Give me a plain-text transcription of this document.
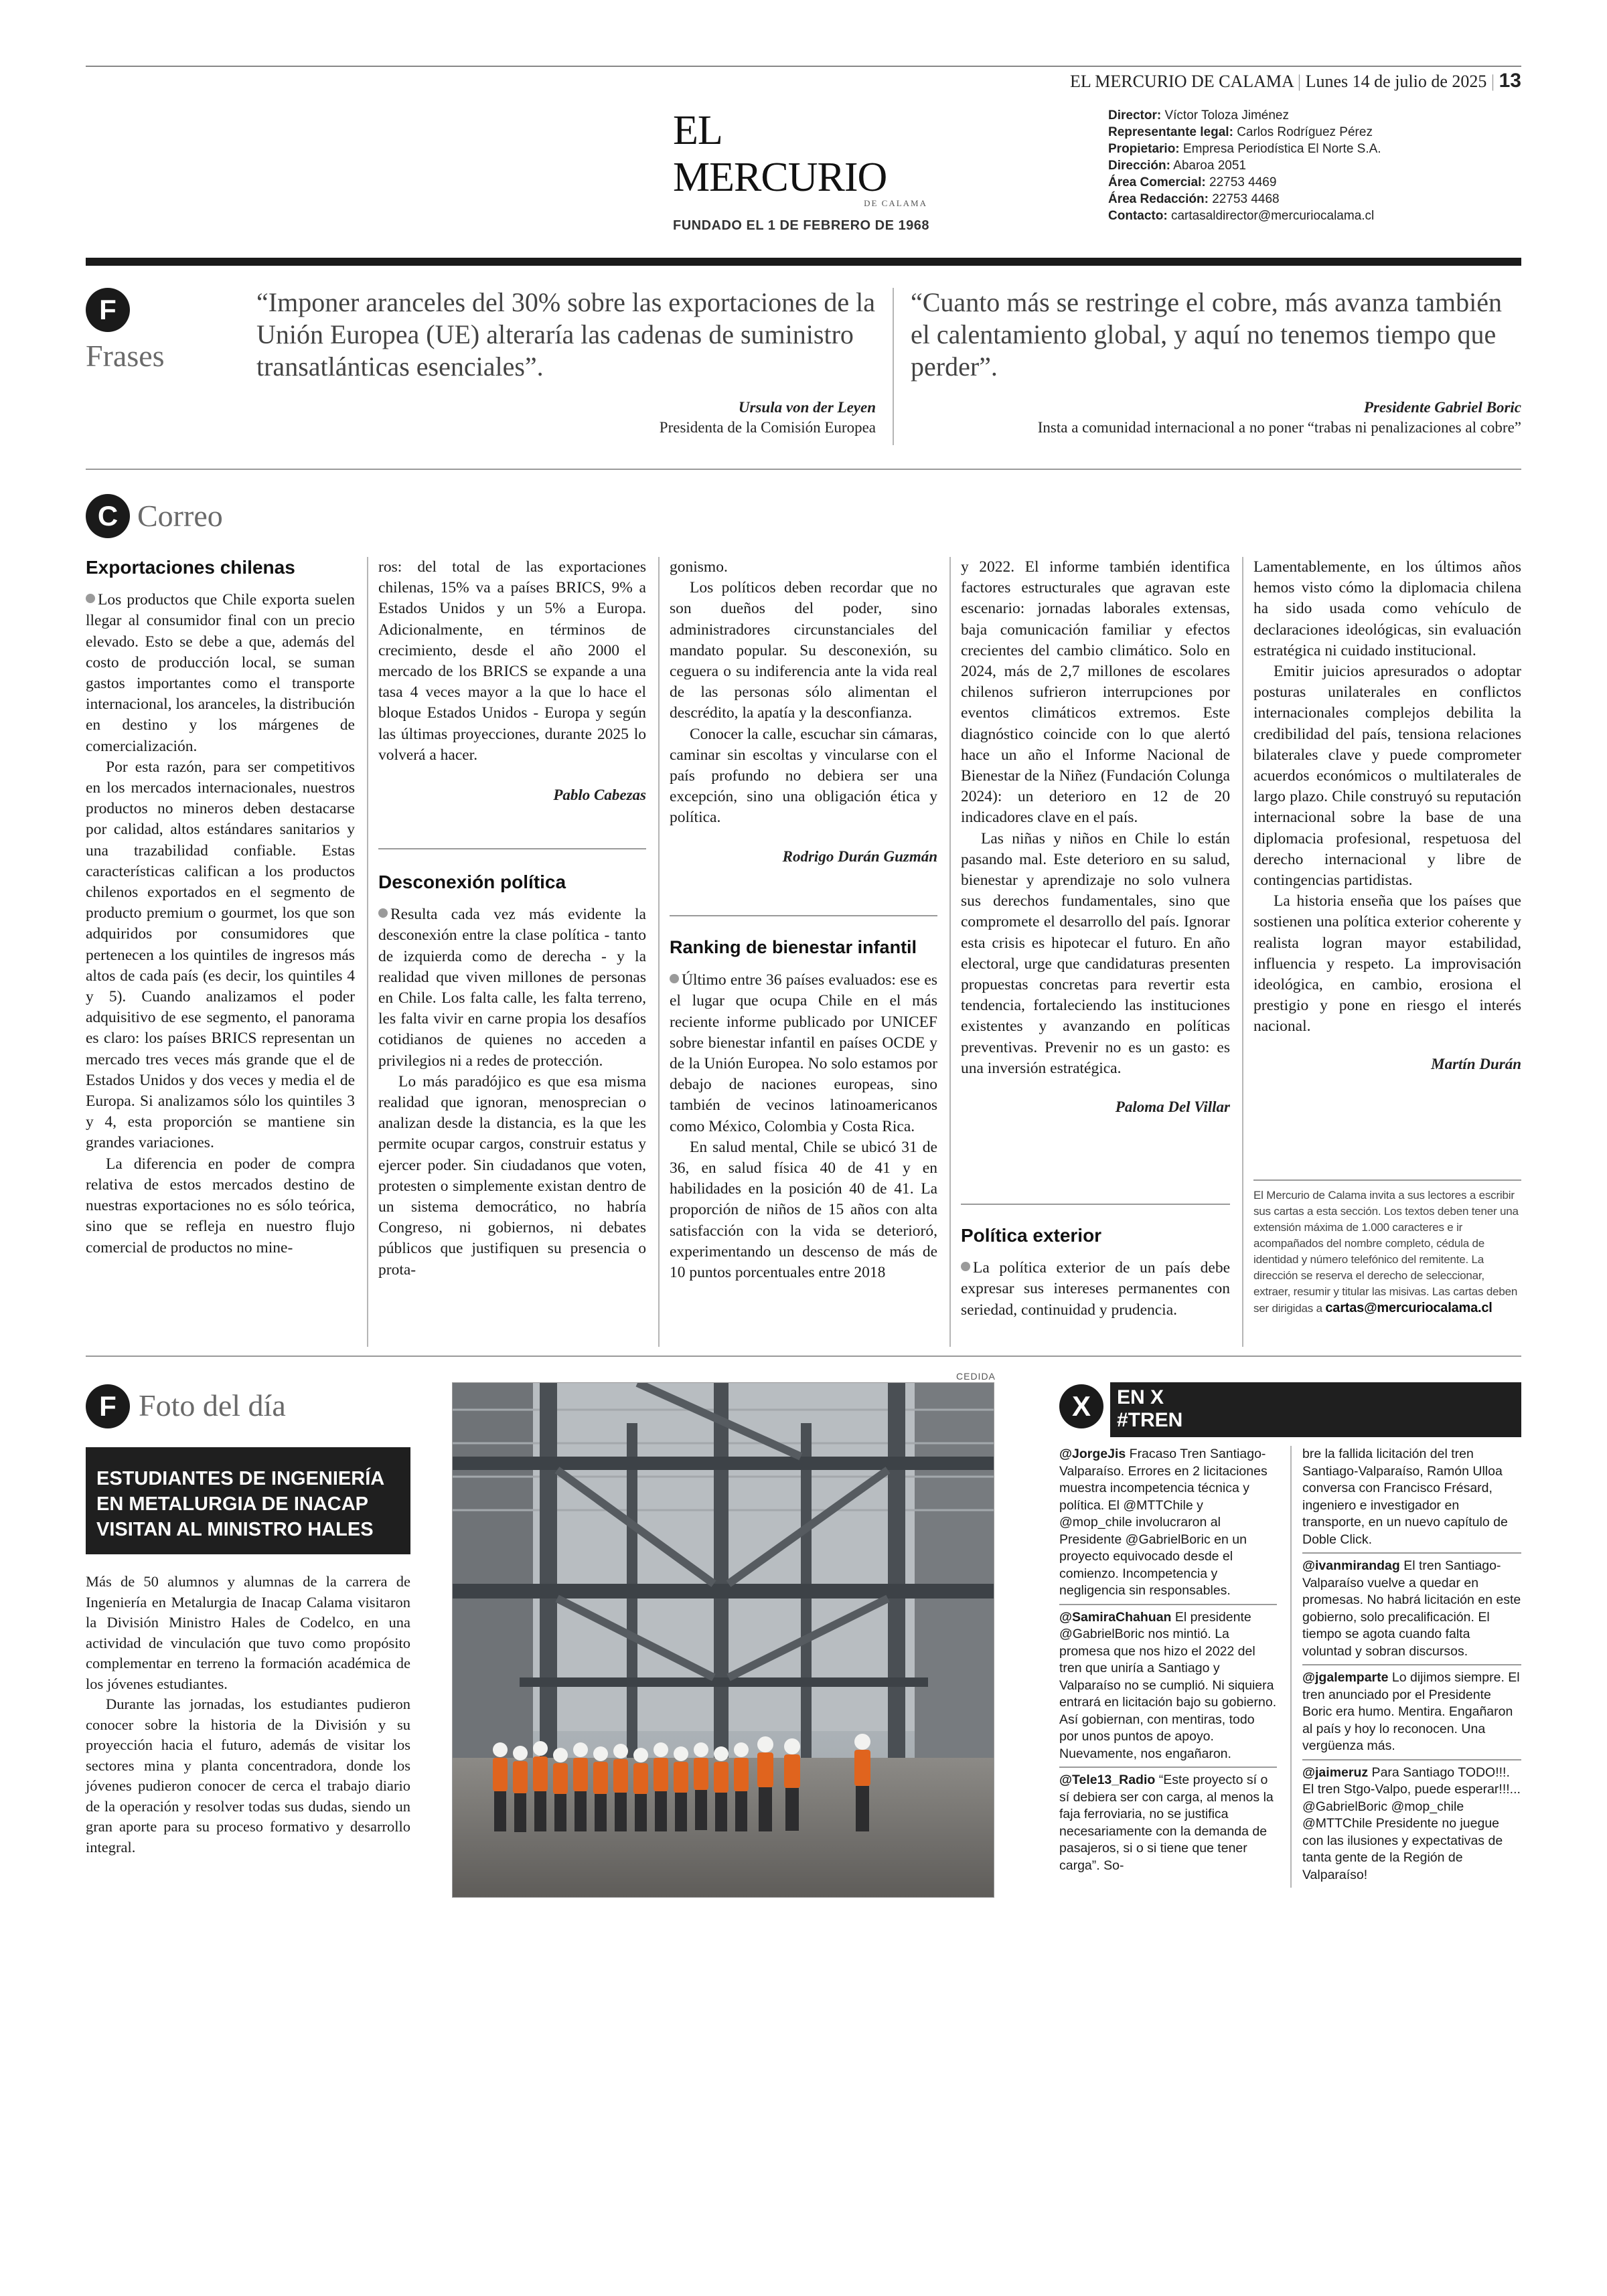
EL MERCURIO DE CALAMA | Lunes 14 de julio de 2025 | 13
EL MERCURIO
DE CALAMA
FUNDADO EL 1 DE FEBRERO DE 1968
Director: Víctor Toloza Jiménez
Representante legal: Carlos Rodríguez Pérez
Propietario: Empresa Periodística El Norte S.A.
Dirección: Abaroa 2051
Área Comercial: 22753 4469
Área Redacción: 22753 4468
Contacto: cartasaldirector@mercuriocalama.cl
F
Frases
“Imponer aranceles del 30% sobre las exportaciones de la Unión Europea (UE) alteraría las cadenas de suministro transatlánticas esenciales”.
Ursula von der Leyen
Presidenta de la Comisión Europea
“Cuanto más se restringe el cobre, más avanza también el calentamiento global, y aquí no tenemos tiempo que perder”.
Presidente Gabriel Boric
Insta a comunidad internacional a no poner “trabas ni penalizaciones al cobre”
C Correo
Exportaciones chilenas

Los productos que Chile exporta suelen llegar al consumidor final con un precio elevado. Esto se debe a que, además del costo de producción local, se suman gastos importantes como el transporte internacional, los aranceles, la distribución en destino y los márgenes de comercialización.

Por esta razón, para ser competitivos en los mercados internacionales, nuestros productos no mineros deben destacarse por calidad, altos estándares sanitarios y una trazabilidad confiable. Estas características califican a los productos chilenos exportados en el segmento de producto premium o gourmet, los que son adquiridos por consumidores que pertenecen a los quintiles de ingresos más altos de cada país (es decir, los quintiles 4 y 5). Cuando analizamos el poder adquisitivo de ese segmento, el panorama es claro: los países BRICS representan un mercado tres veces más grande que el de Estados Unidos y dos veces y media el de Europa. Si analizamos sólo los quintiles 3 y 4, esta proporción se mantiene sin grandes variaciones.

La diferencia en poder de compra relativa de estos mercados destino de nuestras exportaciones no es sólo teórica, sino que se refleja en nuestro flujo comercial de productos no mine-

ros: del total de las exportaciones chilenas, 15% va a países BRICS, 9% a Estados Unidos y un 5% a Europa. Adicionalmente, en términos de crecimiento, desde el año 2000 el mercado de los BRICS se expande a una tasa 4 veces mayor a la que lo hace el bloque Estados Unidos - Europa y según las últimas proyecciones, durante 2025 lo volverá a hacer.

Pablo Cabezas
Desconexión política

Resulta cada vez más evidente la desconexión entre la clase política - tanto de izquierda como de derecha - y la realidad que viven millones de personas en Chile. Los falta calle, les falta terreno, les falta vivir en carne propia los desafíos cotidianos de quienes no acceden a privilegios ni a redes de protección.

Lo más paradójico es que esa misma realidad que ignoran, menosprecian o analizan desde la distancia, es la que les permite ocupar cargos, construir estatus y ejercer poder. Sin ciudadanos que voten, protesten o simplemente existan dentro de un sistema democrático, no habría Congreso, ni gobiernos, ni debates públicos que justifiquen su presencia o prota-

gonismo.

Los políticos deben recordar que no son dueños del poder, sino administradores circunstanciales del mandato popular. Su desconexión, su ceguera o su indiferencia ante la vida real de las personas sólo alimentan el descrédito, la apatía y la desconfianza.

Conocer la calle, escuchar sin cámaras, caminar sin escoltas y vincularse con el país profundo no debiera ser una excepción, sino una obligación ética y política.

Rodrigo Durán Guzmán
Ranking de bienestar infantil

Último entre 36 países evaluados: ese es el lugar que ocupa Chile en el más reciente informe publicado por UNICEF sobre bienestar infantil en países OCDE y de la Unión Europea. No solo estamos por debajo de naciones europeas, sino también de vecinos latinoamericanos como México, Colombia y Costa Rica.

En salud mental, Chile se ubicó 31 de 36, en salud física 40 de 41 y en habilidades en la posición 40 de 41. La proporción de niños de 15 años con alta satisfacción con la vida se deterioró, experimentando un descenso de más de 10 puntos porcentuales entre 2018

y 2022. El informe también identifica factores estructurales que agravan este escenario: jornadas laborales extensas, baja comunicación familiar y efectos crecientes del cambio climático. Solo en 2024, más de 2,7 millones de escolares chilenos sufrieron interrupciones por eventos climáticos extremos. Este diagnóstico coincide con lo que alertó hace un año el Informe Nacional de Bienestar de la Niñez (Fundación Colunga 2024): un deterioro en 12 de 20 indicadores clave en el país.

Las niñas y niños en Chile lo están pasando mal. Este deterioro en su salud, bienestar y aprendizaje no solo vulnera sus derechos fundamentales, sino que compromete el desarrollo del país. Ignorar esta crisis es hipotecar el futuro. En año electoral, urge que candidaturas presenten propuestas concretas para revertir esta tendencia, fortaleciendo las instituciones existentes y avanzando en políticas preventivas. Prevenir no es un gasto: es una inversión estratégica.

Paloma Del Villar
Política exterior

La política exterior de un país debe expresar sus intereses permanentes con seriedad, continuidad y prudencia.

Lamentablemente, en los últimos años hemos visto cómo la diplomacia chilena ha sido usada como vehículo de declaraciones ideológicas, sin evaluación estratégica ni cuidado institucional.

Emitir juicios apresurados o adoptar posturas unilaterales en conflictos internacionales complejos debilita la credibilidad del país, tensiona relaciones bilaterales clave y puede comprometer acuerdos económicos o multilaterales de largo plazo. Chile construyó su reputación internacional sobre la base de una diplomacia profesional, respetuosa del derecho internacional y libre de contingencias partidistas.

La historia enseña que los países que sostienen una política exterior coherente y realista logran mayor estabilidad, influencia y respeto. La improvisación ideológica, en cambio, erosiona el prestigio y pone en riesgo el interés nacional.

Martín Durán
El Mercurio de Calama invita a sus lectores a escribir sus cartas a esta sección. Los textos deben tener una extensión máxima de 1.000 caracteres e ir acompañados del nombre completo, cédula de identidad y número telefónico del remitente. La dirección se reserva el derecho de seleccionar, extraer, resumir y titular las misivas. Las cartas deben ser dirigidas a cartas@mercuriocalama.cl
F Foto del día
ESTUDIANTES DE INGENIERÍA EN METALURGIA DE INACAP VISITAN AL MINISTRO HALES

Más de 50 alumnos y alumnas de la carrera de Ingeniería en Metalurgia de Inacap Calama visitaron la División Ministro Hales de Codelco, en una actividad de vinculación que tuvo como propósito complementar en terreno la formación académica de los jóvenes estudiantes.

Durante las jornadas, los estudiantes pudieron conocer sobre la historia de la División y su proyección hacia el futuro, además de visitar los sectores mina y planta concentradora, donde los jóvenes pudieron conocer de cerca el trabajo diario de la operación y resolver todas sus dudas, siendo un gran aporte para su proceso formativo y desarrollo integral.

CEDIDA
X	EN X
#TREN
@JorgeJis Fracaso Tren Santiago-Valparaíso. Errores en 2 licitaciones muestra incompetencia técnica y política. El @MTTChile y @mop_chile involucraron al Presidente @GabrielBoric en un proyecto equivocado desde el comienzo. Incompetencia y negligencia sin responsables.
@SamiraChahuan El presidente @GabrielBoric nos mintió. La promesa que nos hizo el 2022 del tren que uniría a Santiago y Valparaíso no se cumplió. Ni siquiera entrará en licitación bajo su gobierno. Así gobiernan, con mentiras, todo por unos puntos de apoyo. Nuevamente, nos engañaron.
@Tele13_Radio “Este proyecto sí o sí debiera ser con carga, al menos la faja ferroviaria, no se justifica necesariamente con la demanda de pasajeros, si o si tiene que tener carga”. So-
bre la fallida licitación del tren Santiago-Valparaíso, Ramón Ulloa conversa con Francisco Frésard, ingeniero e investigador en transporte, en un nuevo capítulo de Doble Click.
@ivanmirandag El tren Santiago-Valparaíso vuelve a quedar en promesas. No habrá licitación en este gobierno, solo precalificación. El tiempo se agota cuando falta voluntad y sobran discursos.
@jgalemparte Lo dijimos siempre. El tren anunciado por el Presidente Boric era humo. Mentira. Engañaron al país y hoy lo reconocen. Una vergüenza más.
@jaimeruz Para Santiago TODO!!!. El tren Stgo-Valpo, puede esperar!!!... @GabrielBoric @mop_chile @MTTChile Presidente no juegue con las ilusiones y expectativas de tanta gente de la Región de Valparaíso!
